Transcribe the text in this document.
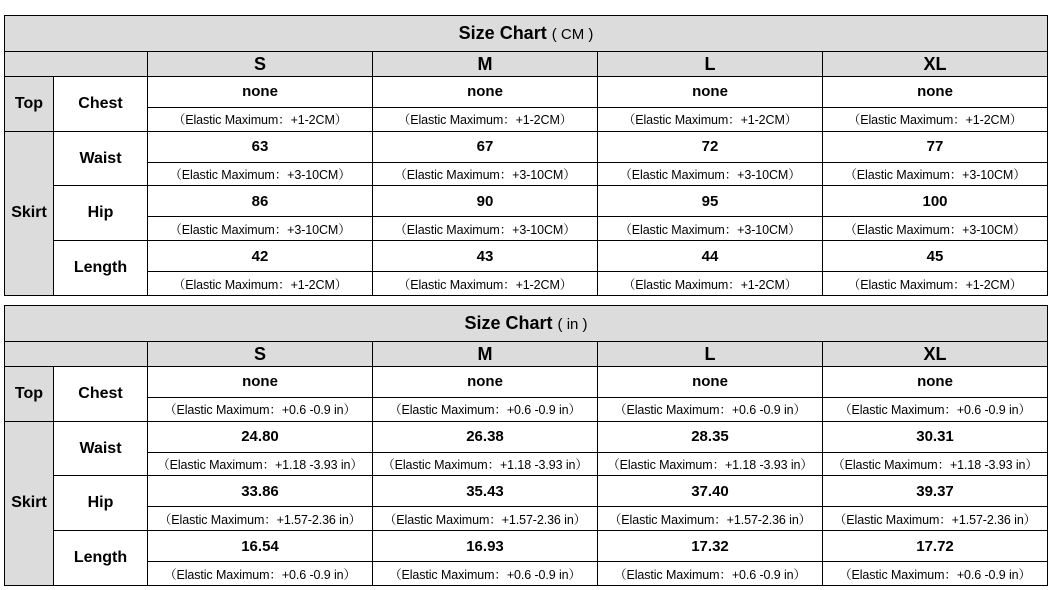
Size Chart ( CM )					
		S	M	L	XL
Top	Chest	none	none	none	none
		（Elastic Maximum：+1-2CM）	（Elastic Maximum：+1-2CM）	（Elastic Maximum：+1-2CM）	（Elastic Maximum：+1-2CM）
Skirt	Waist	63	67	72	77
		（Elastic Maximum：+3-10CM）	（Elastic Maximum：+3-10CM）	（Elastic Maximum：+3-10CM）	（Elastic Maximum：+3-10CM）
	Hip	86	90	95	100
		（Elastic Maximum：+3-10CM）	（Elastic Maximum：+3-10CM）	（Elastic Maximum：+3-10CM）	（Elastic Maximum：+3-10CM）
	Length	42	43	44	45
		（Elastic Maximum：+1-2CM）	（Elastic Maximum：+1-2CM）	（Elastic Maximum：+1-2CM）	（Elastic Maximum：+1-2CM）
Size Chart ( in )					
		S	M	L	XL
Top	Chest	none	none	none	none
		（Elastic Maximum：+0.6 -0.9 in）	（Elastic Maximum：+0.6 -0.9 in）	（Elastic Maximum：+0.6 -0.9 in）	（Elastic Maximum：+0.6 -0.9 in）
Skirt	Waist	24.80	26.38	28.35	30.31
		（Elastic Maximum：+1.18 -3.93 in）	（Elastic Maximum：+1.18 -3.93 in）	（Elastic Maximum：+1.18 -3.93 in）	（Elastic Maximum：+1.18 -3.93 in）
	Hip	33.86	35.43	37.40	39.37
		（Elastic Maximum：+1.57-2.36 in）	（Elastic Maximum：+1.57-2.36 in）	（Elastic Maximum：+1.57-2.36 in）	（Elastic Maximum：+1.57-2.36 in）
	Length	16.54	16.93	17.32	17.72
		（Elastic Maximum：+0.6 -0.9 in）	（Elastic Maximum：+0.6 -0.9 in）	（Elastic Maximum：+0.6 -0.9 in）	（Elastic Maximum：+0.6 -0.9 in）
